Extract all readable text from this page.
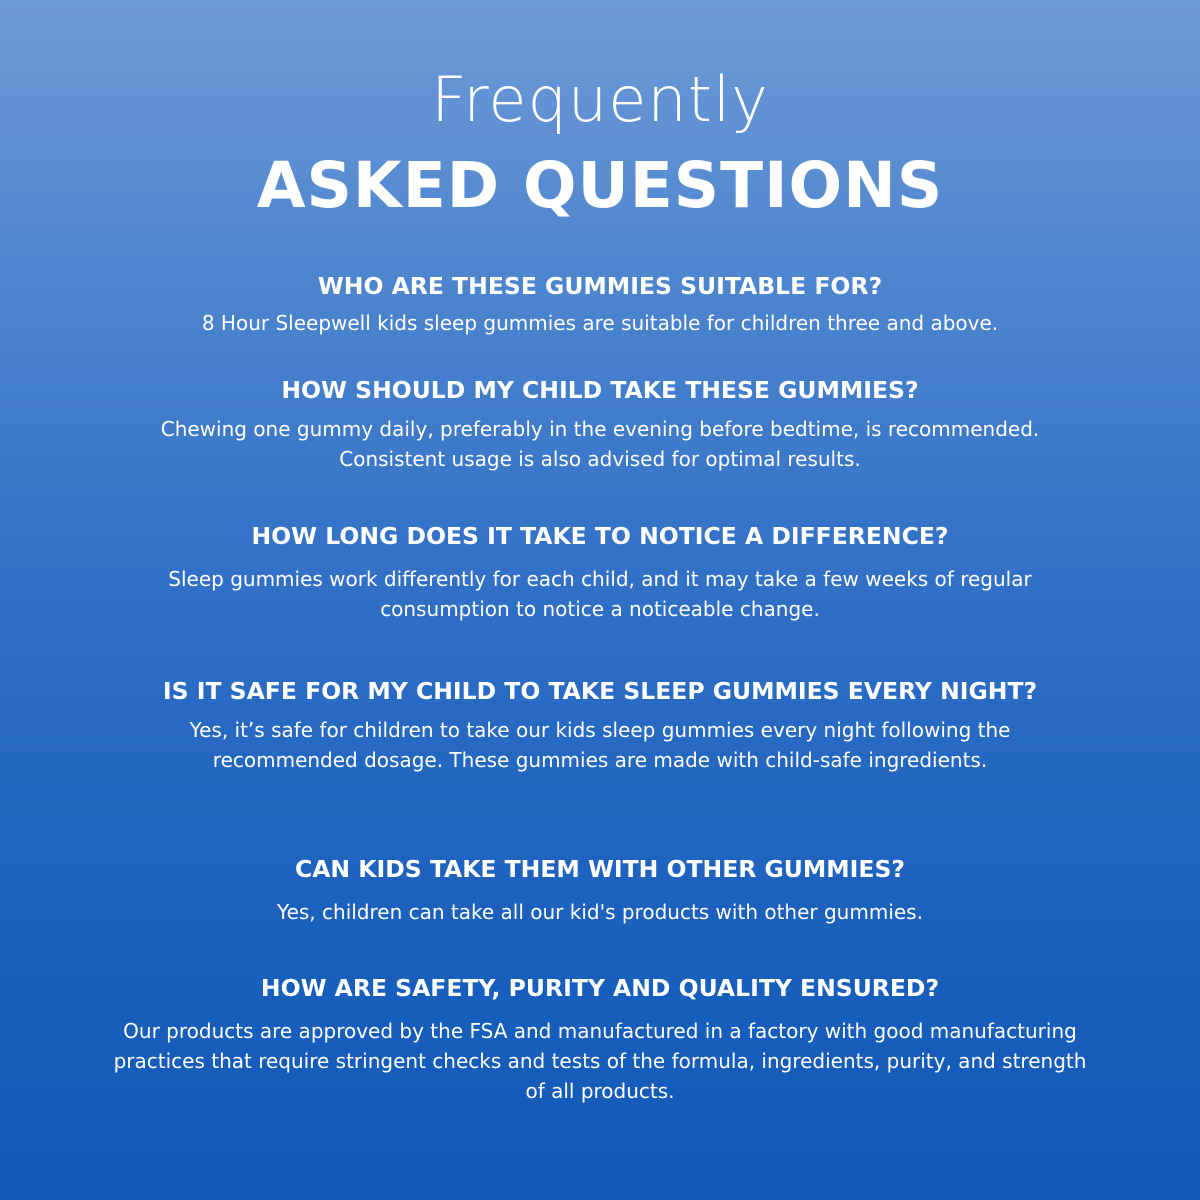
Frequently
ASKED QUESTIONS

WHO ARE THESE GUMMIES SUITABLE FOR?

8 Hour Sleepwell kids sleep gummies are suitable for children three and above.

HOW SHOULD MY CHILD TAKE THESE GUMMIES?

Chewing one gummy daily, preferably in the evening before bedtime, is recommended. Consistent usage is also advised for optimal results.

HOW LONG DOES IT TAKE TO NOTICE A DIFFERENCE?

Sleep gummies work differently for each child, and it may take a few weeks of regular consumption to notice a noticeable change.

IS IT SAFE FOR MY CHILD TO TAKE SLEEP GUMMIES EVERY NIGHT?

Yes, it’s safe for children to take our kids sleep gummies every night following the recommended dosage. These gummies are made with child-safe ingredients.

CAN KIDS TAKE THEM WITH OTHER GUMMIES?

Yes, children can take all our kid's products with other gummies.

HOW ARE SAFETY, PURITY AND QUALITY ENSURED?

Our products are approved by the FSA and manufactured in a factory with good manufacturing practices that require stringent checks and tests of the formula, ingredients, purity, and strength of all products.
